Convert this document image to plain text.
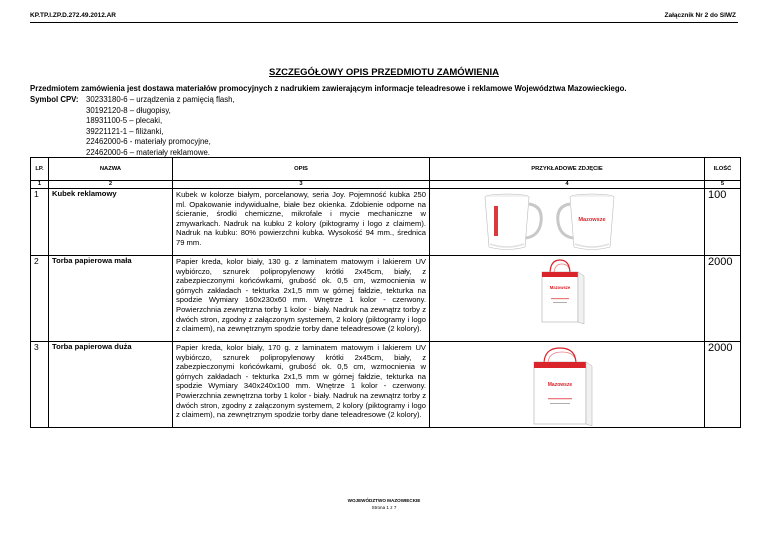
KP.TP.I.ZP.D.272.49.2012.AR	Załącznik Nr 2 do SIWZ
SZCZEGÓŁOWY OPIS PRZEDMIOTU ZAMÓWIENIA
Przedmiotem zamówienia jest dostawa materiałów promocyjnych z nadrukiem zawierającym informacje teleadresowe i reklamowe Województwa Mazowieckiego.
Symbol CPV: 30233180-6 – urządzenia z pamięcią flash,
30192120-8 – długopisy,
18931100-5 – plecaki,
39221121-1 – filiżanki,
22462000-6 - materiały promocyjne,
22462000-6 – materiały reklamowe.
LP.	NAZWA	OPIS	PRZYKŁADOWE ZDJĘCIE	ILOŚĆ
1	2	3	4	5
1	Kubek reklamowy	Kubek w kolorze białym, porcelanowy, seria Joy. Pojemność kubka 250 ml. Opakowanie indywidualne, białe bez okienka. Zdobienie odporne na ścieranie, środki chemiczne, mikrofale i mycie mechaniczne w zmywarkach. Nadruk na kubku 2 kolory (piktogramy i logo z claimem). Nadruk na kubku: 80% powierzchni kubka. Wysokość 94 mm., średnica 79 mm.	Mazowsze	100
2	Torba papierowa mała	Papier kreda, kolor biały, 130 g. z laminatem matowym i lakierem UV wybiórczo, sznurek polipropylenowy krótki 2x45cm, biały, z zabezpieczonymi końcówkami, grubość ok. 0,5 cm, wzmocnienia w górnych zakładach - tekturka 2x1,5 mm w górnej fałdzie, tekturka na spodzie Wymiary 160x230x60 mm. Wnętrze 1 kolor - czerwony. Powierzchnia zewnętrzna torby 1 kolor - biały. Nadruk na zewnątrz torby z dwóch stron, zgodny z załączonym systemem, 2 kolory (piktogramy i logo z claimem), na zewnętrznym spodzie torby dane teleadresowe (2 kolory).	Mazowsze	2000
3	Torba papierowa duża	Papier kreda, kolor biały, 170 g. z laminatem matowym i lakierem UV wybiórczo, sznurek polipropylenowy krótki 2x45cm, biały, z zabezpieczonymi końcówkami, grubość ok. 0,5 cm, wzmocnienia w górnych zakładach - tekturka 2x1,5 mm w górnej fałdzie, tekturka na spodzie Wymiary 340x240x100 mm. Wnętrze 1 kolor - czerwony. Powierzchnia zewnętrzna torby 1 kolor - biały. Nadruk na zewnątrz torby z dwóch stron, zgodny z załączonym systemem, 2 kolory (piktogramy i logo z claimem), na zewnętrznym spodzie torby dane teleadresowe (2 kolory).	Mazowsze	2000
WOJEWÓDZTWO MAZOWIECKIE
Strona 1 z 7
